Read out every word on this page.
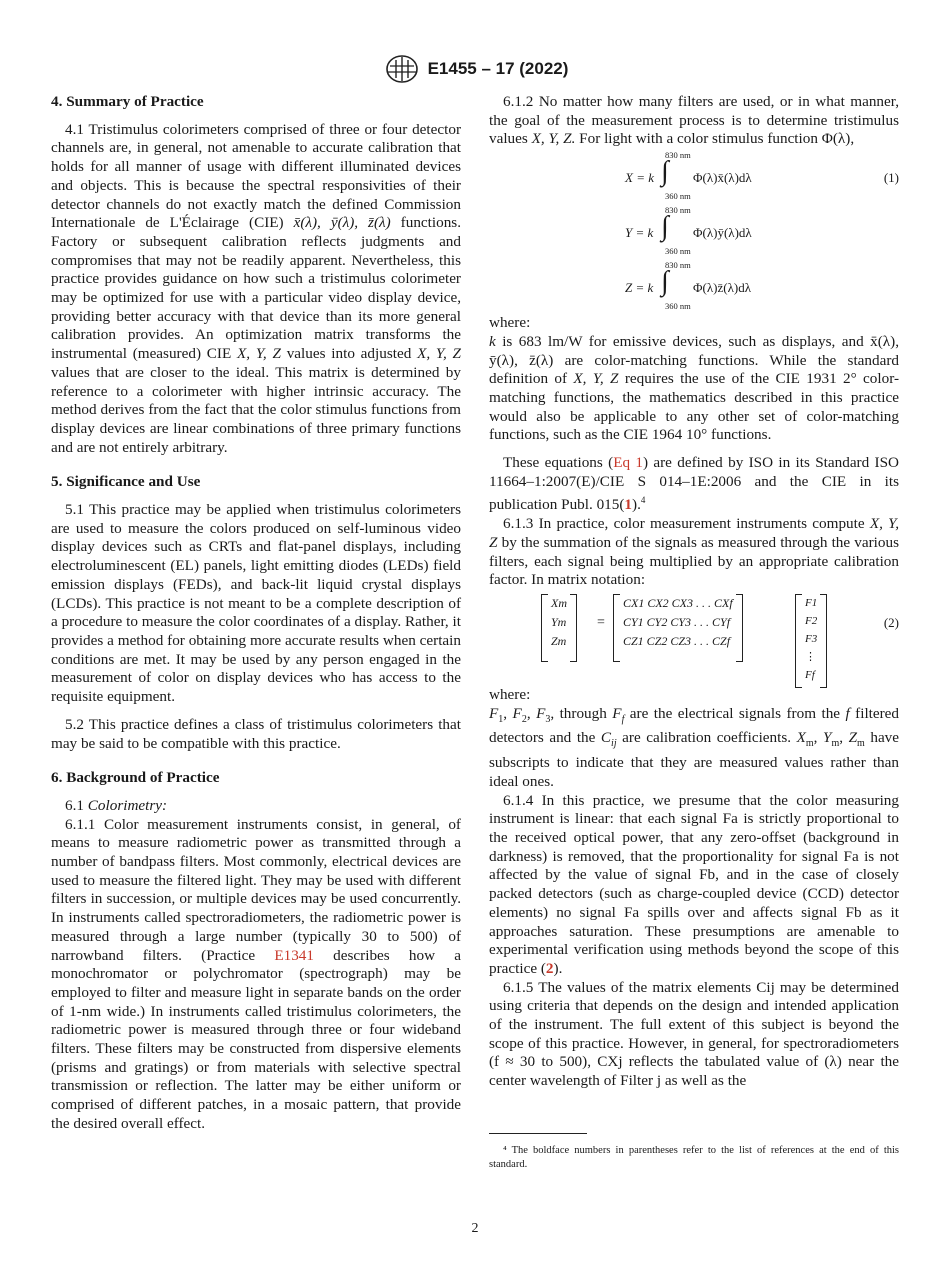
E1455 – 17 (2022)

4. Summary of Practice

4.1 Tristimulus colorimeters comprised of three or four detector channels are, in general, not amenable to accurate calibration that holds for all manner of usage with different illuminated devices and objects. This is because the spectral responsivities of their detector channels do not exactly match the defined Commission Internationale de L'Éclairage (CIE) x̄(λ), ȳ(λ), z̄(λ) functions. Factory or subsequent calibration reflects judgments and compromises that may not be readily apparent. Nevertheless, this practice provides guidance on how such a tristimulus colorimeter may be optimized for use with a particular video display device, providing better accuracy with that device than its more general calibration provides. An optimization matrix transforms the instrumental (measured) CIE X, Y, Z values into adjusted X, Y, Z values that are closer to the ideal. This matrix is determined by reference to a colorimeter with higher intrinsic accuracy. The method derives from the fact that the color stimulus functions from display devices are linear combinations of three primary functions and are not entirely arbitrary.

5. Significance and Use

5.1 This practice may be applied when tristimulus colorimeters are used to measure the colors produced on self-luminous video display devices such as CRTs and flat-panel displays, including electroluminescent (EL) panels, light emitting diodes (LEDs) field emission displays (FEDs), and back-lit liquid crystal displays (LCDs). This practice is not meant to be a complete description of a procedure to measure the color coordinates of a display. Rather, it provides a method for obtaining more accurate results when certain conditions are met. It may be used by any person engaged in the measurement of color on display devices who has access to the requisite equipment.

5.2 This practice defines a class of tristimulus colorimeters that may be said to be compatible with this practice.

6. Background of Practice

6.1 Colorimetry:

6.1.1 Color measurement instruments consist, in general, of means to measure radiometric power as transmitted through a number of bandpass filters. Most commonly, electrical devices are used to measure the filtered light. They may be used with different filters in succession, or multiple devices may be used concurrently. In instruments called spectroradiometers, the radiometric power is measured through a large number (typically 30 to 500) of narrowband filters. (Practice E1341 describes how a monochromator or polychromator (spectrograph) may be employed to filter and measure light in separate bands on the order of 1-nm wide.) In instruments called tristimulus colorimeters, the radiometric power is measured through three or four wideband filters. These filters may be constructed from dispersive elements (prisms and gratings) or from materials with selective spectral transmission or reflection. The latter may be either uniform or comprised of different patches, in a mosaic pattern, that provide the desired overall effect.

6.1.2 No matter how many filters are used, or in what manner, the goal of the measurement process is to determine tristimulus values X, Y, Z. For light with a color stimulus function Φ(λ),

830 nm
∫
360 nm
X = k	Φ(λ)x̄(λ)dλ	(1)
830 nm
∫
360 nm
Y = k	Φ(λ)ȳ(λ)dλ
830 nm
∫
360 nm
Z = k	Φ(λ)z̄(λ)dλ

where:

k is 683 lm/W for emissive devices, such as displays, and x̄(λ), ȳ(λ), z̄(λ) are color-matching functions. While the standard definition of X, Y, Z requires the use of the CIE 1931 2° color-matching functions, the mathematics described in this practice would also be applicable to any other set of color-matching functions, such as the CIE 1964 10° functions.

These equations (Eq 1) are defined by ISO in its Standard ISO 11664–1:2007(E)/CIE S 014–1E:2006 and the CIE in its publication Publ. 015(1).$^4$

6.1.3 In practice, color measurement instruments compute X, Y, Z by the summation of the signals as measured through the various filters, each signal being multiplied by an appropriate calibration factor. In matrix notation:

Xm
Ym
Zm
=
CX1 CX2 CX3 . . . CXf
CY1 CY2 CY3 . . . CYf
CZ1 CZ2 CZ3 . . . CZf
F1
F2
F3
⋮
Ff
(2)

where:

$F_1$, $F_2$, $F_3$, through $F_f$ are the electrical signals from the f filtered detectors and the $C_{ij}$ are calibration coefficients. $X_m$, $Y_m$, $Z_m$ have subscripts to indicate that they are measured values rather than ideal ones.

6.1.4 In this practice, we presume that the color measuring instrument is linear: that each signal Fa is strictly proportional to the received optical power, that any zero-offset (background in darkness) is removed, that the proportionality for signal Fa is not affected by the value of signal Fb, and in the case of closely packed detectors (such as charge-coupled device (CCD) detector elements) no signal Fa spills over and affects signal Fb as it approaches saturation. These presumptions are amenable to experimental verification using methods beyond the scope of this practice (2).

6.1.5 The values of the matrix elements Cij may be determined using criteria that depends on the design and intended application of the instrument. The full extent of this subject is beyond the scope of this practice. However, in general, for spectroradiometers (f ≈ 30 to 500), CXj reflects the tabulated value of (λ) near the center wavelength of Filter j as well as the

⁴ The boldface numbers in parentheses refer to the list of references at the end of this standard.

2
